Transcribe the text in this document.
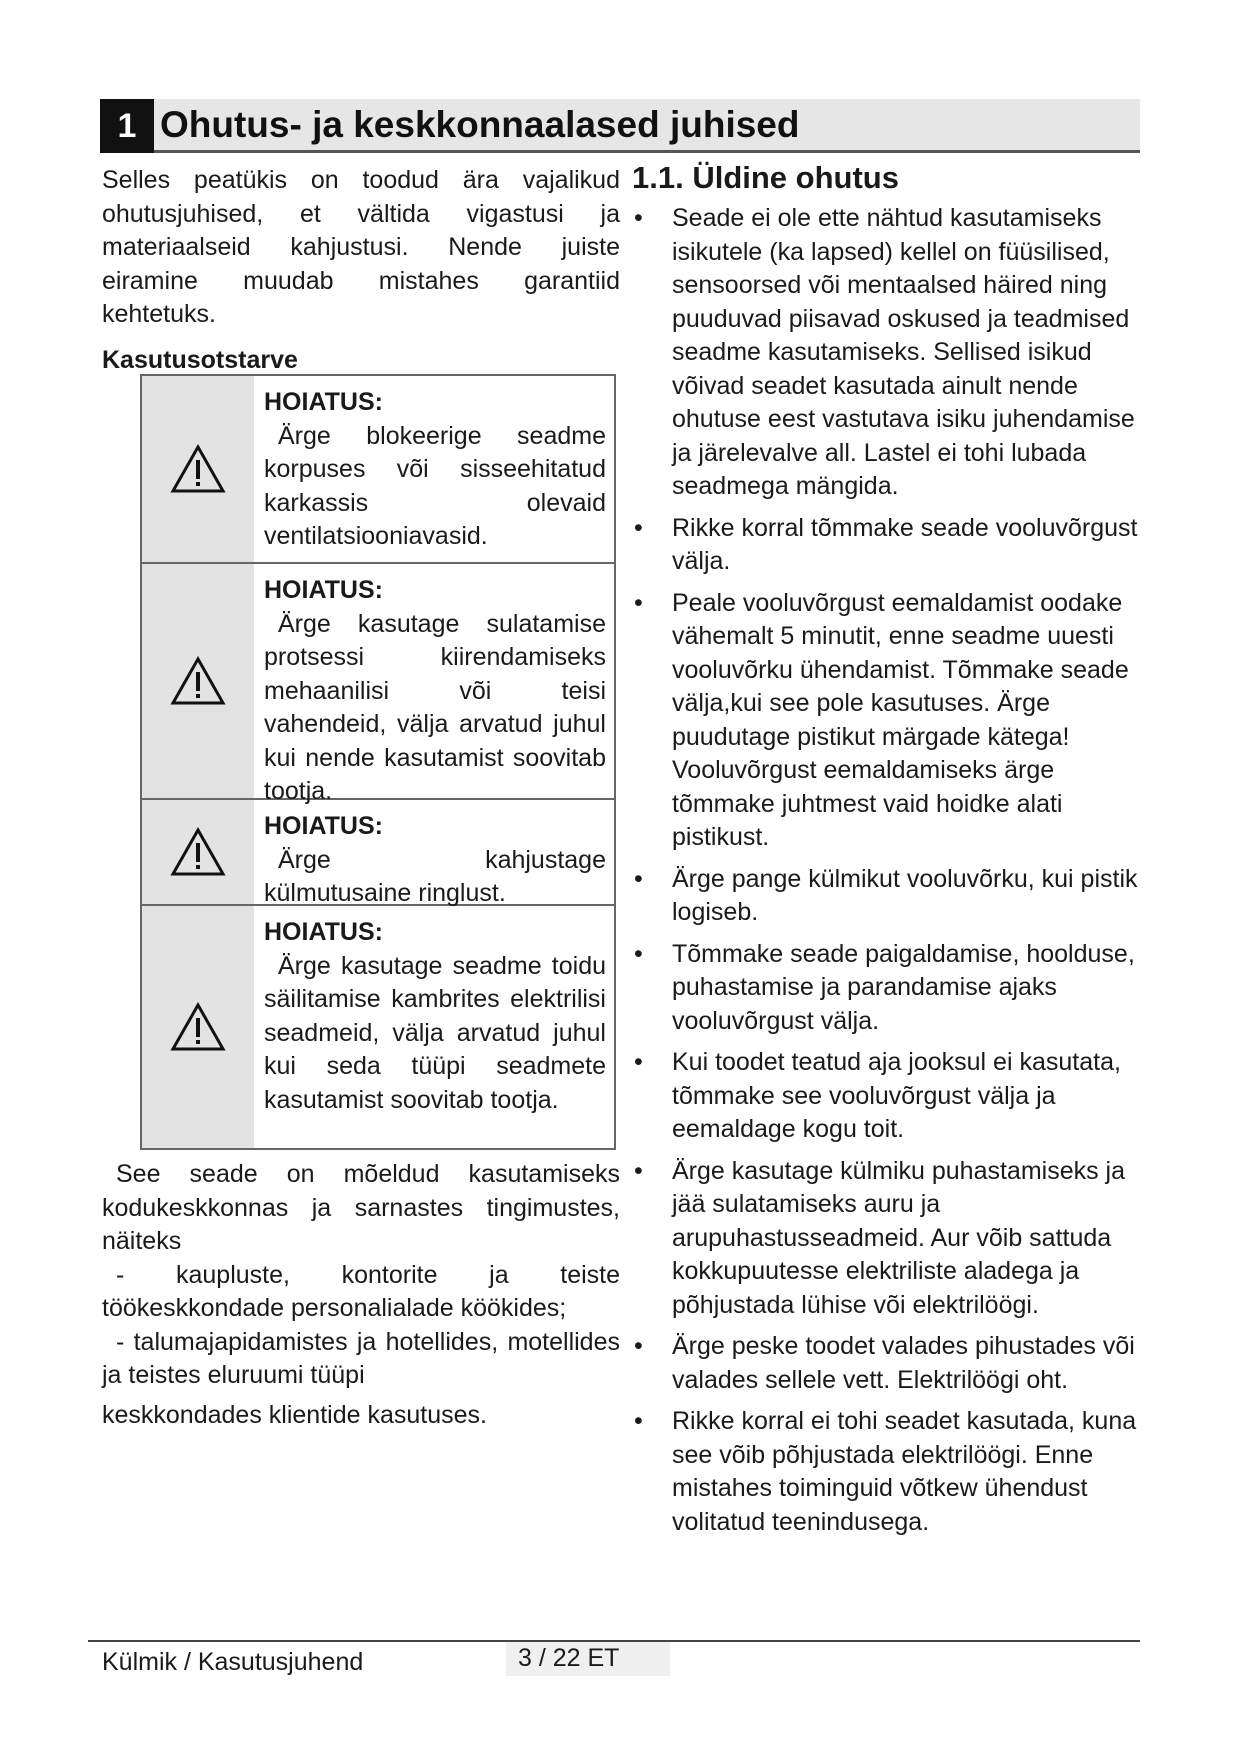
1 Ohutus- ja keskkonnaalased juhised

Selles peatükis on toodud ära vajalikud ohutusjuhised, et vältida vigastusi ja materiaalseid kahjustusi. Nende juiste eiramine muudab mistahes garantiid kehtetuks.

Kasutusotstarve
HOIATUS:
Ärge blokeerige seadme korpuses või sisseehitatud karkassis olevaid ventilatsiooniavasid.
HOIATUS:
Ärge kasutage sulatamise protsessi kiirendamiseks mehaanilisi või teisi vahendeid, välja arvatud juhul kui nende kasutamist soovitab tootja.
HOIATUS:
Ärge kahjustage külmutusaine ringlust.
HOIATUS:
Ärge kasutage seadme toidu säilitamise kambrites elektrilisi seadmeid, välja arvatud juhul kui seda tüüpi seadmete kasutamist soovitab tootja.

See seade on mõeldud kasutamiseks kodukeskkonnas ja sarnastes tingimustes, näiteks

- kaupluste, kontorite ja teiste töökeskkondade personalialade köökides;

- talumajapidamistes ja hotellides, motellides ja teistes eluruumi tüüpi

keskkondades klientide kasutuses.

1.1. Üldine ohutus
• Seade ei ole ette nähtud kasutamiseks isikutele (ka lapsed) kellel on füüsilised, sensoorsed või mentaalsed häired ning puuduvad piisavad oskused ja teadmised seadme kasutamiseks. Sellised isikud võivad seadet kasutada ainult nende ohutuse eest vastutava isiku juhendamise ja järelevalve all. Lastel ei tohi lubada seadmega mängida.
• Rikke korral tõmmake seade vooluvõrgust välja.
• Peale vooluvõrgust eemaldamist oodake vähemalt 5 minutit, enne seadme uuesti vooluvõrku ühendamist. Tõmmake seade välja,kui see pole kasutuses. Ärge puudutage pistikut märgade kätega! Vooluvõrgust eemaldamiseks ärge tõmmake juhtmest vaid hoidke alati pistikust.
• Ärge pange külmikut vooluvõrku, kui pistik logiseb.
• Tõmmake seade paigaldamise, hoolduse, puhastamise ja parandamise ajaks vooluvõrgust välja.
• Kui toodet teatud aja jooksul ei kasutata, tõmmake see vooluvõrgust välja ja eemaldage kogu toit.
• Ärge kasutage külmiku puhastamiseks ja jää sulatamiseks auru ja arupuhastusseadmeid. Aur võib sattuda kokkupuutesse elektriliste aladega ja põhjustada lühise või elektrilöögi.
• Ärge peske toodet valades pihustades või valades sellele vett. Elektrilöögi oht.
• Rikke korral ei tohi seadet kasutada, kuna see võib põhjustada elektrilöögi. Enne mistahes toiminguid võtkew ühendust volitatud teenindusega.
Külmik / Kasutusjuhend	3 / 22 ET
